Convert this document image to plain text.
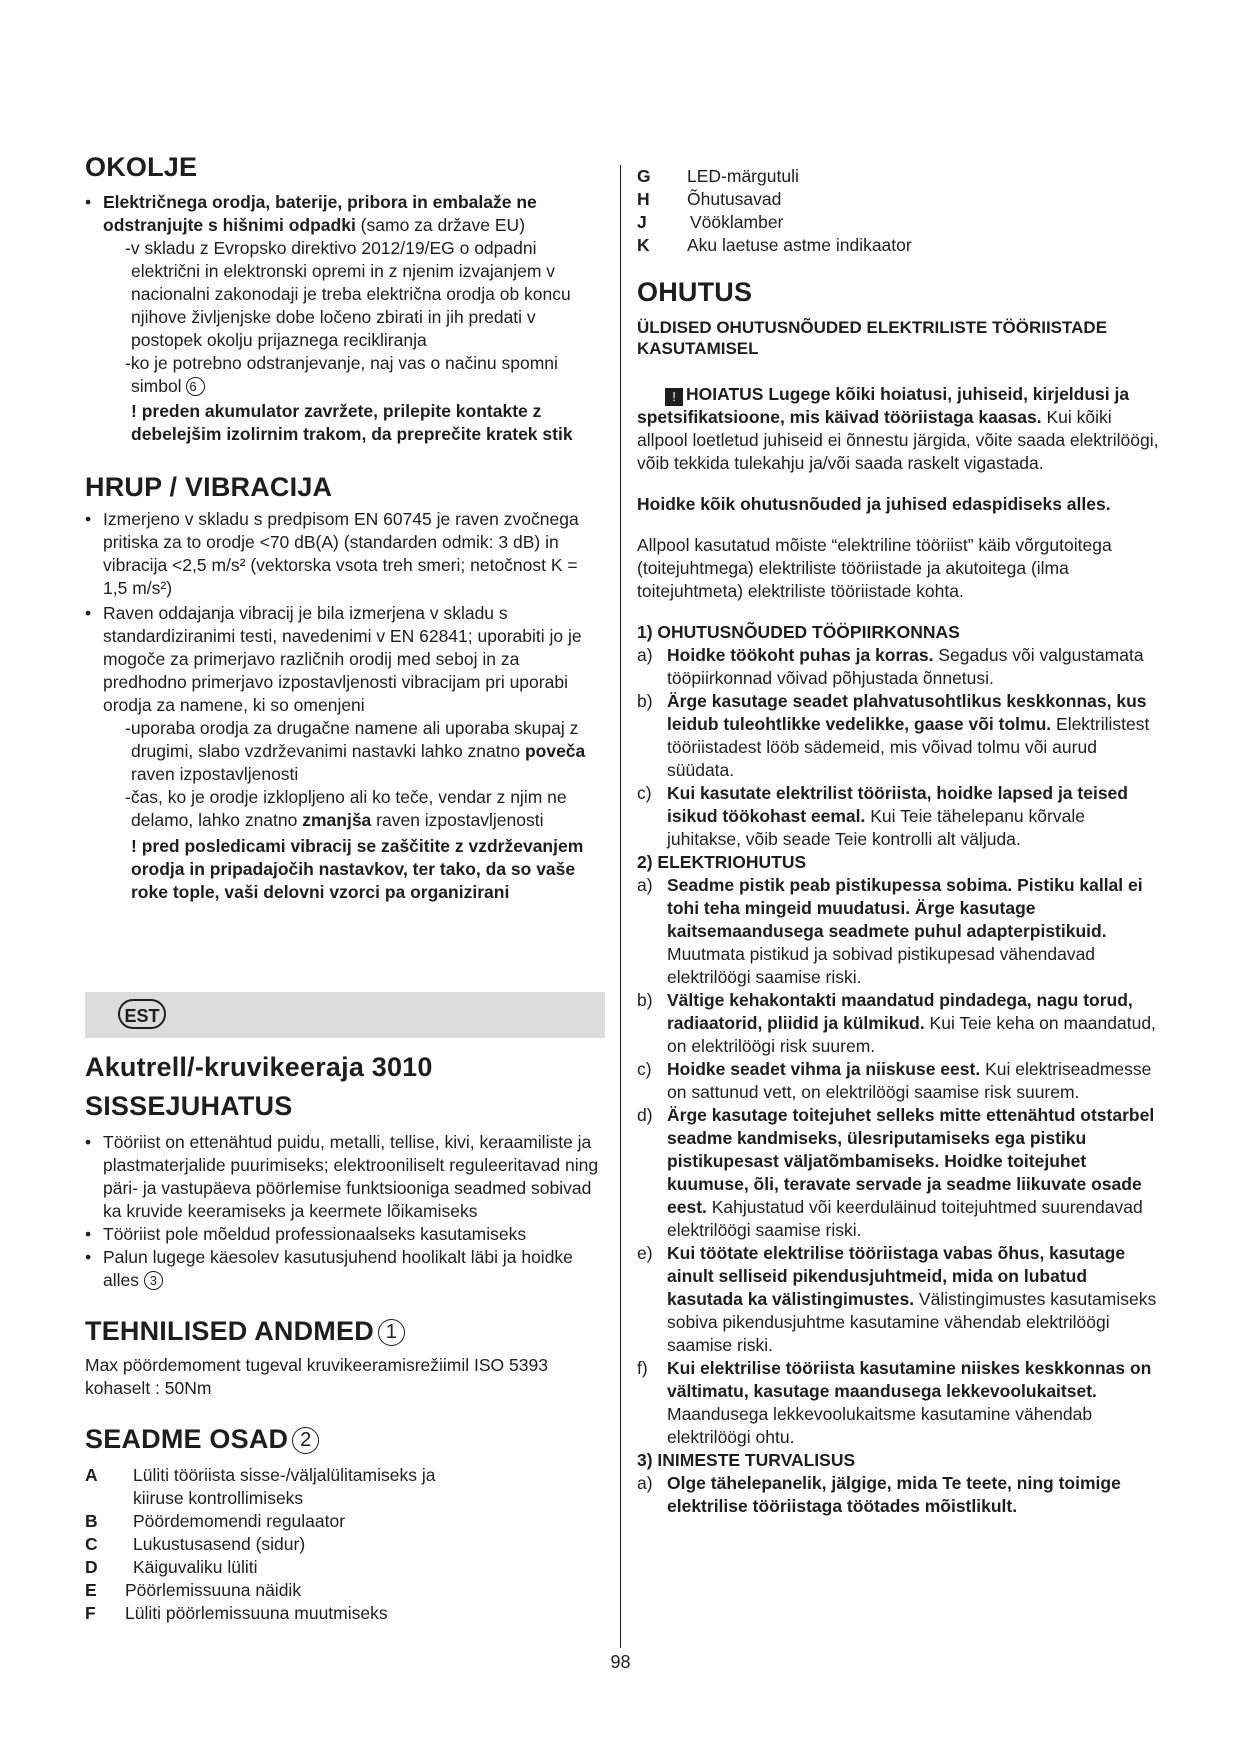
OKOLJE
• Električnega orodja, baterije, pribora in embalaže ne odstranjujte s hišnimi odpadki (samo za države EU)
-v skladu z Evropsko direktivo 2012/19/EG o odpadni električni in elektronski opremi in z njenim izvajanjem v nacionalni zakonodaji je treba električna orodja ob koncu njihove življenjske dobe ločeno zbirati in jih predati v postopek okolju prijaznega recikliranja
-ko je potrebno odstranjevanje, naj vas o načinu spomni simbol 6
! preden akumulator zavržete, prilepite kontakte z debelejšim izolirnim trakom, da preprečite kratek stik
HRUP / VIBRACIJA
• Izmerjeno v skladu s predpisom EN 60745 je raven zvočnega pritiska za to orodje <70 dB(A) (standarden odmik: 3 dB) in vibracija <2,5 m/s² (vektorska vsota treh smeri; netočnost K = 1,5 m/s²)
• Raven oddajanja vibracij je bila izmerjena v skladu s standardiziranimi testi, navedenimi v EN 62841; uporabiti jo je mogoče za primerjavo različnih orodij med seboj in za predhodno primerjavo izpostavljenosti vibracijam pri uporabi orodja za namene, ki so omenjeni
-uporaba orodja za drugačne namene ali uporaba skupaj z drugimi, slabo vzdrževanimi nastavki lahko znatno poveča raven izpostavljenosti
-čas, ko je orodje izklopljeno ali ko teče, vendar z njim ne delamo, lahko znatno zmanjša raven izpostavljenosti
! pred posledicami vibracij se zaščitite z vzdrževanjem orodja in pripadajočih nastavkov, ter tako, da so vaše roke tople, vaši delovni vzorci pa organizirani
EST
Akutrell/-kruvikeeraja 3010
SISSEJUHATUS
• Tööriist on ettenähtud puidu, metalli, tellise, kivi, keraamiliste ja plastmaterjalide puurimiseks; elektrooniliselt reguleeritavad ning päri- ja vastupäeva pöörlemise funktsiooniga seadmed sobivad ka kruvide keeramiseks ja keermete lõikamiseks
• Tööriist pole mõeldud professionaalseks kasutamiseks
• Palun lugege käesolev kasutusjuhend hoolikalt läbi ja hoidke alles 3
TEHNILISED ANDMED 1
Max pöördemoment tugeval kruvikeeramisrežiimil ISO 5393 kohaselt : 50Nm
SEADME OSAD 2
A	Lüliti tööriista sisse-/väljalülitamiseks ja kiiruse kontrollimiseks
B	Pöördemomendi regulaator
C	Lukustusasend (sidur)
D	Käiguvaliku lüliti
E	Pöörlemissuuna näidik
F	Lüliti pöörlemissuuna muutmiseks
G	LED-märgutuli
H	Õhutusavad
J	Vööklamber
K	Aku laetuse astme indikaator
OHUTUS
ÜLDISED OHUTUSNÕUDED ELEKTRILISTE TÖÖRIISTADE KASUTAMISEL
! HOIATUS Lugege kõiki hoiatusi, juhiseid, kirjeldusi ja spetsifikatsioone, mis käivad tööriistaga kaasas. Kui kõiki allpool loetletud juhiseid ei õnnestu järgida, võite saada elektrilöögi, võib tekkida tulekahju ja/või saada raskelt vigastada.
Hoidke kõik ohutusnõuded ja juhised edaspidiseks alles.
Allpool kasutatud mõiste “elektriline tööriist” käib võrgutoitega (toitejuhtmega) elektriliste tööriistade ja akutoitega (ilma toitejuhtmeta) elektriliste tööriistade kohta.
1) OHUTUSNÕUDED TÖÖPIIRKONNAS
a) Hoidke töökoht puhas ja korras. Segadus või valgustamata tööpiirkonnad võivad põhjustada õnnetusi.
b) Ärge kasutage seadet plahvatusohtlikus keskkonnas, kus leidub tuleohtlikke vedelikke, gaase või tolmu. Elektrilistest tööriistadest lööb sädemeid, mis võivad tolmu või aurud süüdata.
c) Kui kasutate elektrilist tööriista, hoidke lapsed ja teised isikud töökohast eemal. Kui Teie tähelepanu kõrvale juhitakse, võib seade Teie kontrolli alt väljuda.
2) ELEKTRIOHUTUS
a) Seadme pistik peab pistikupessa sobima. Pistiku kallal ei tohi teha mingeid muudatusi. Ärge kasutage kaitsemaandusega seadmete puhul adapterpistikuid. Muutmata pistikud ja sobivad pistikupesad vähendavad elektrilöögi saamise riski.
b) Vältige kehakontakti maandatud pindadega, nagu torud, radiaatorid, pliidid ja külmikud. Kui Teie keha on maandatud, on elektrilöögi risk suurem.
c) Hoidke seadet vihma ja niiskuse eest. Kui elektriseadmesse on sattunud vett, on elektrilöögi saamise risk suurem.
d) Ärge kasutage toitejuhet selleks mitte ettenähtud otstarbel seadme kandmiseks, ülesriputamiseks ega pistiku pistikupesast väljatõmbamiseks. Hoidke toitejuhet kuumuse, õli, teravate servade ja seadme liikuvate osade eest. Kahjustatud või keerduläinud toitejuhtmed suurendavad elektrilöögi saamise riski.
e) Kui töötate elektrilise tööriistaga vabas õhus, kasutage ainult selliseid pikendusjuhtmeid, mida on lubatud kasutada ka välistingimustes. Välistingimustes kasutamiseks sobiva pikendusjuhtme kasutamine vähendab elektrilöögi saamise riski.
f) Kui elektrilise tööriista kasutamine niiskes keskkonnas on vältimatu, kasutage maandusega lekkevoolukaitset. Maandusega lekkevoolukaitsme kasutamine vähendab elektrilöögi ohtu.
3) INIMESTE TURVALISUS
a) Olge tähelepanelik, jälgige, mida Te teete, ning toimige elektrilise tööriistaga töötades mõistlikult.
98
